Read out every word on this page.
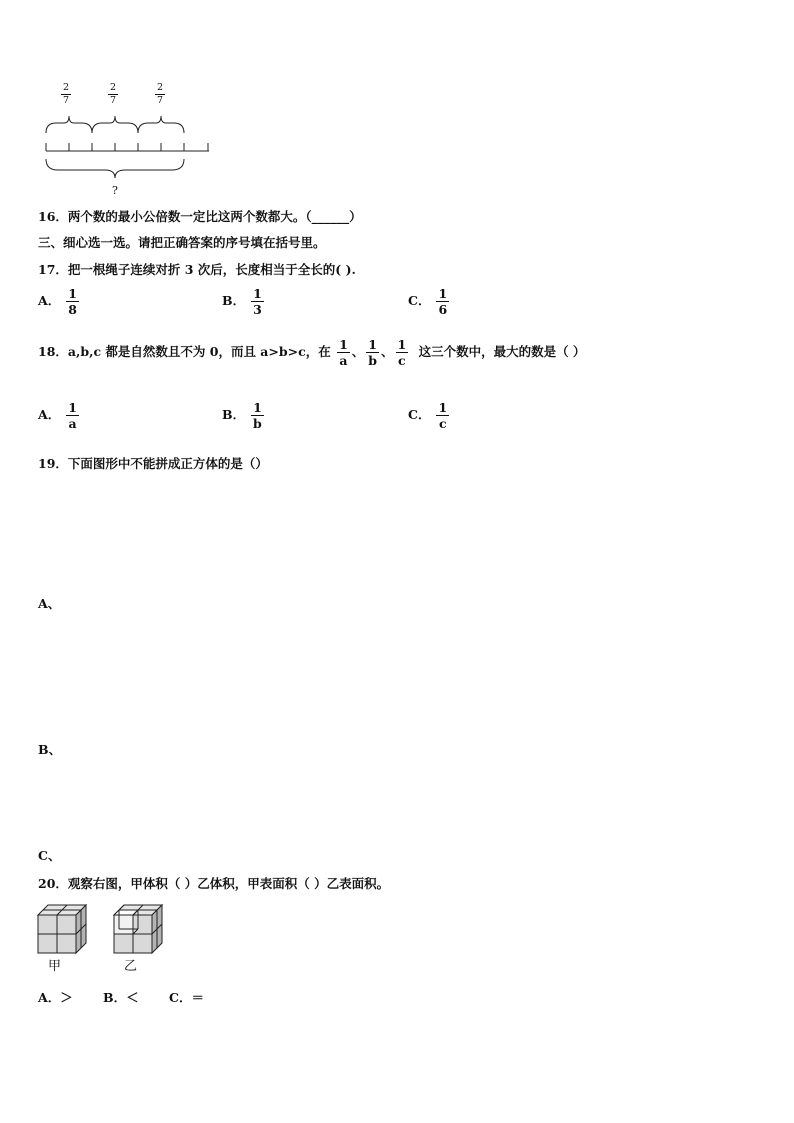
$\frac{2}{7}$	$\frac{2}{7}$	$\frac{2}{7}$
?
16．两个数的最小公倍数一定比这两个数都大。（______）
三、细心选一选。请把正确答案的序号填在括号里。
17．把一根绳子连续对折 3 次后，长度相当于全长的( ).
A． $\frac{1}{8}$	B． $\frac{1}{3}$	C． $\frac{1}{6}$
18．a,b,c 都是自然数且不为 0，而且 a>b>c，在 $\frac{1}{a}$ 、 $\frac{1}{b}$ 、 $\frac{1}{c}$ 这三个数中，最大的数是（ ）
A． $\frac{1}{a}$	B． $\frac{1}{b}$	C． $\frac{1}{c}$
19．下面图形中不能拼成正方体的是（）
A、
B、
C、
20．观察右图，甲体积（ ）乙体积，甲表面积（ ）乙表面积。
甲	乙
A．＞ B．＜ C．＝
